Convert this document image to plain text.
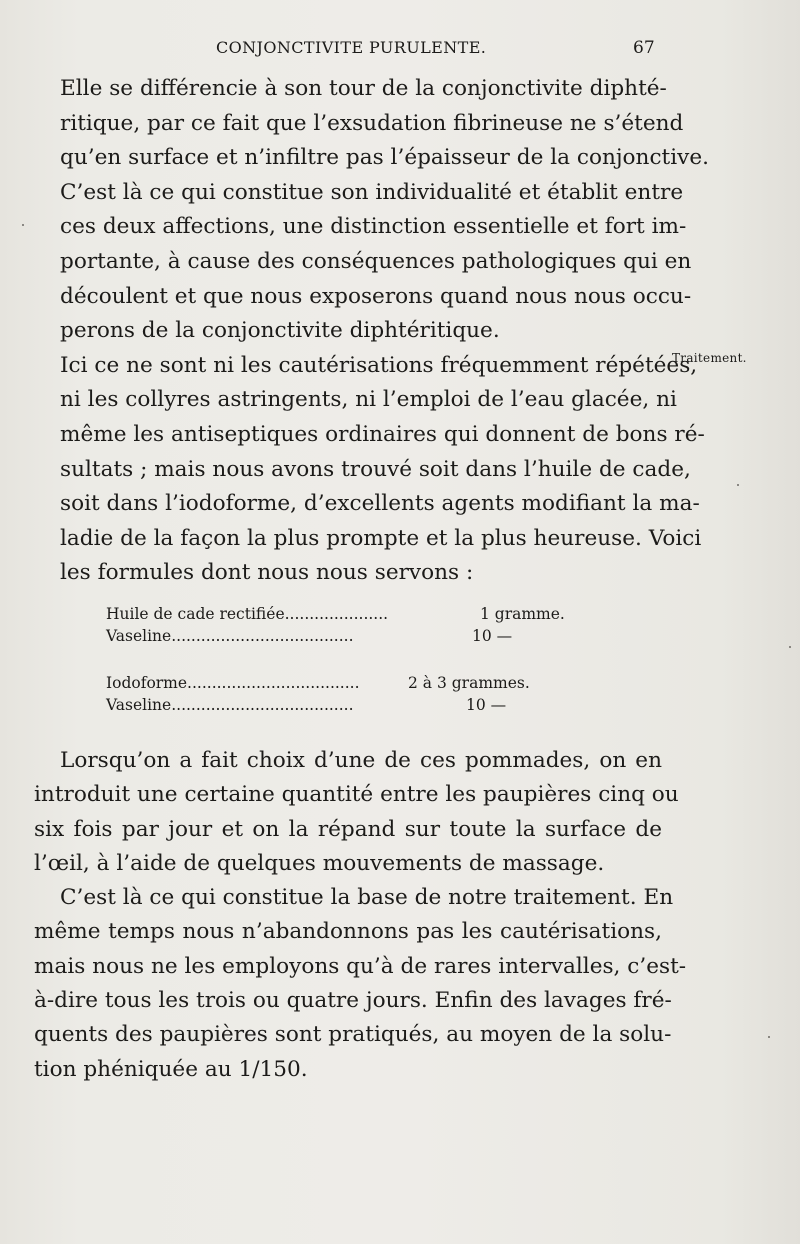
CONJONCTIVITE PURULENTE.	67

Elle se différencie à son tour de la conjonctivite diphté-
ritique, par ce fait que l’exsudation fibrineuse ne s’étend
qu’en surface et n’infiltre pas l’épaisseur de la conjonctive.
C’est là ce qui constitue son individualité et établit entre
ces deux affections, une distinction essentielle et fort im-
portante, à cause des conséquences pathologiques qui en
découlent et que nous exposerons quand nous nous occu-
perons de la conjonctivite diphtéritique.

Ici ce ne sont ni les cautérisations fréquemment répétées,
ni les collyres astringents, ni l’emploi de l’eau glacée, ni
même les antiseptiques ordinaires qui donnent de bons ré-
sultats ; mais nous avons trouvé soit dans l’huile de cade,
soit dans l’iodoforme, d’excellents agents modifiant la ma-
ladie de la façon la plus prompte et la plus heureuse. Voici
les formules dont nous nous servons :

Traitement.
Huile de cade rectifiée.....................	1 gramme.
Vaseline.....................................	10 —
Iodoforme...................................	2 à 3 grammes.
Vaseline.....................................	10 —

Lorsqu’on a fait choix d’une de ces pommades, on en

introduit une certaine quantité entre les paupières cinq ou
six fois par jour et on la répand sur toute la surface de
l’œil, à l’aide de quelques mouvements de massage.

C’est là ce qui constitue la base de notre traitement. En

même temps nous n’abandonnons pas les cautérisations,
mais nous ne les employons qu’à de rares intervalles, c’est-
à-dire tous les trois ou quatre jours. Enfin des lavages fré-
quents des paupières sont pratiqués, au moyen de la solu-
tion phéniquée au 1/150.
